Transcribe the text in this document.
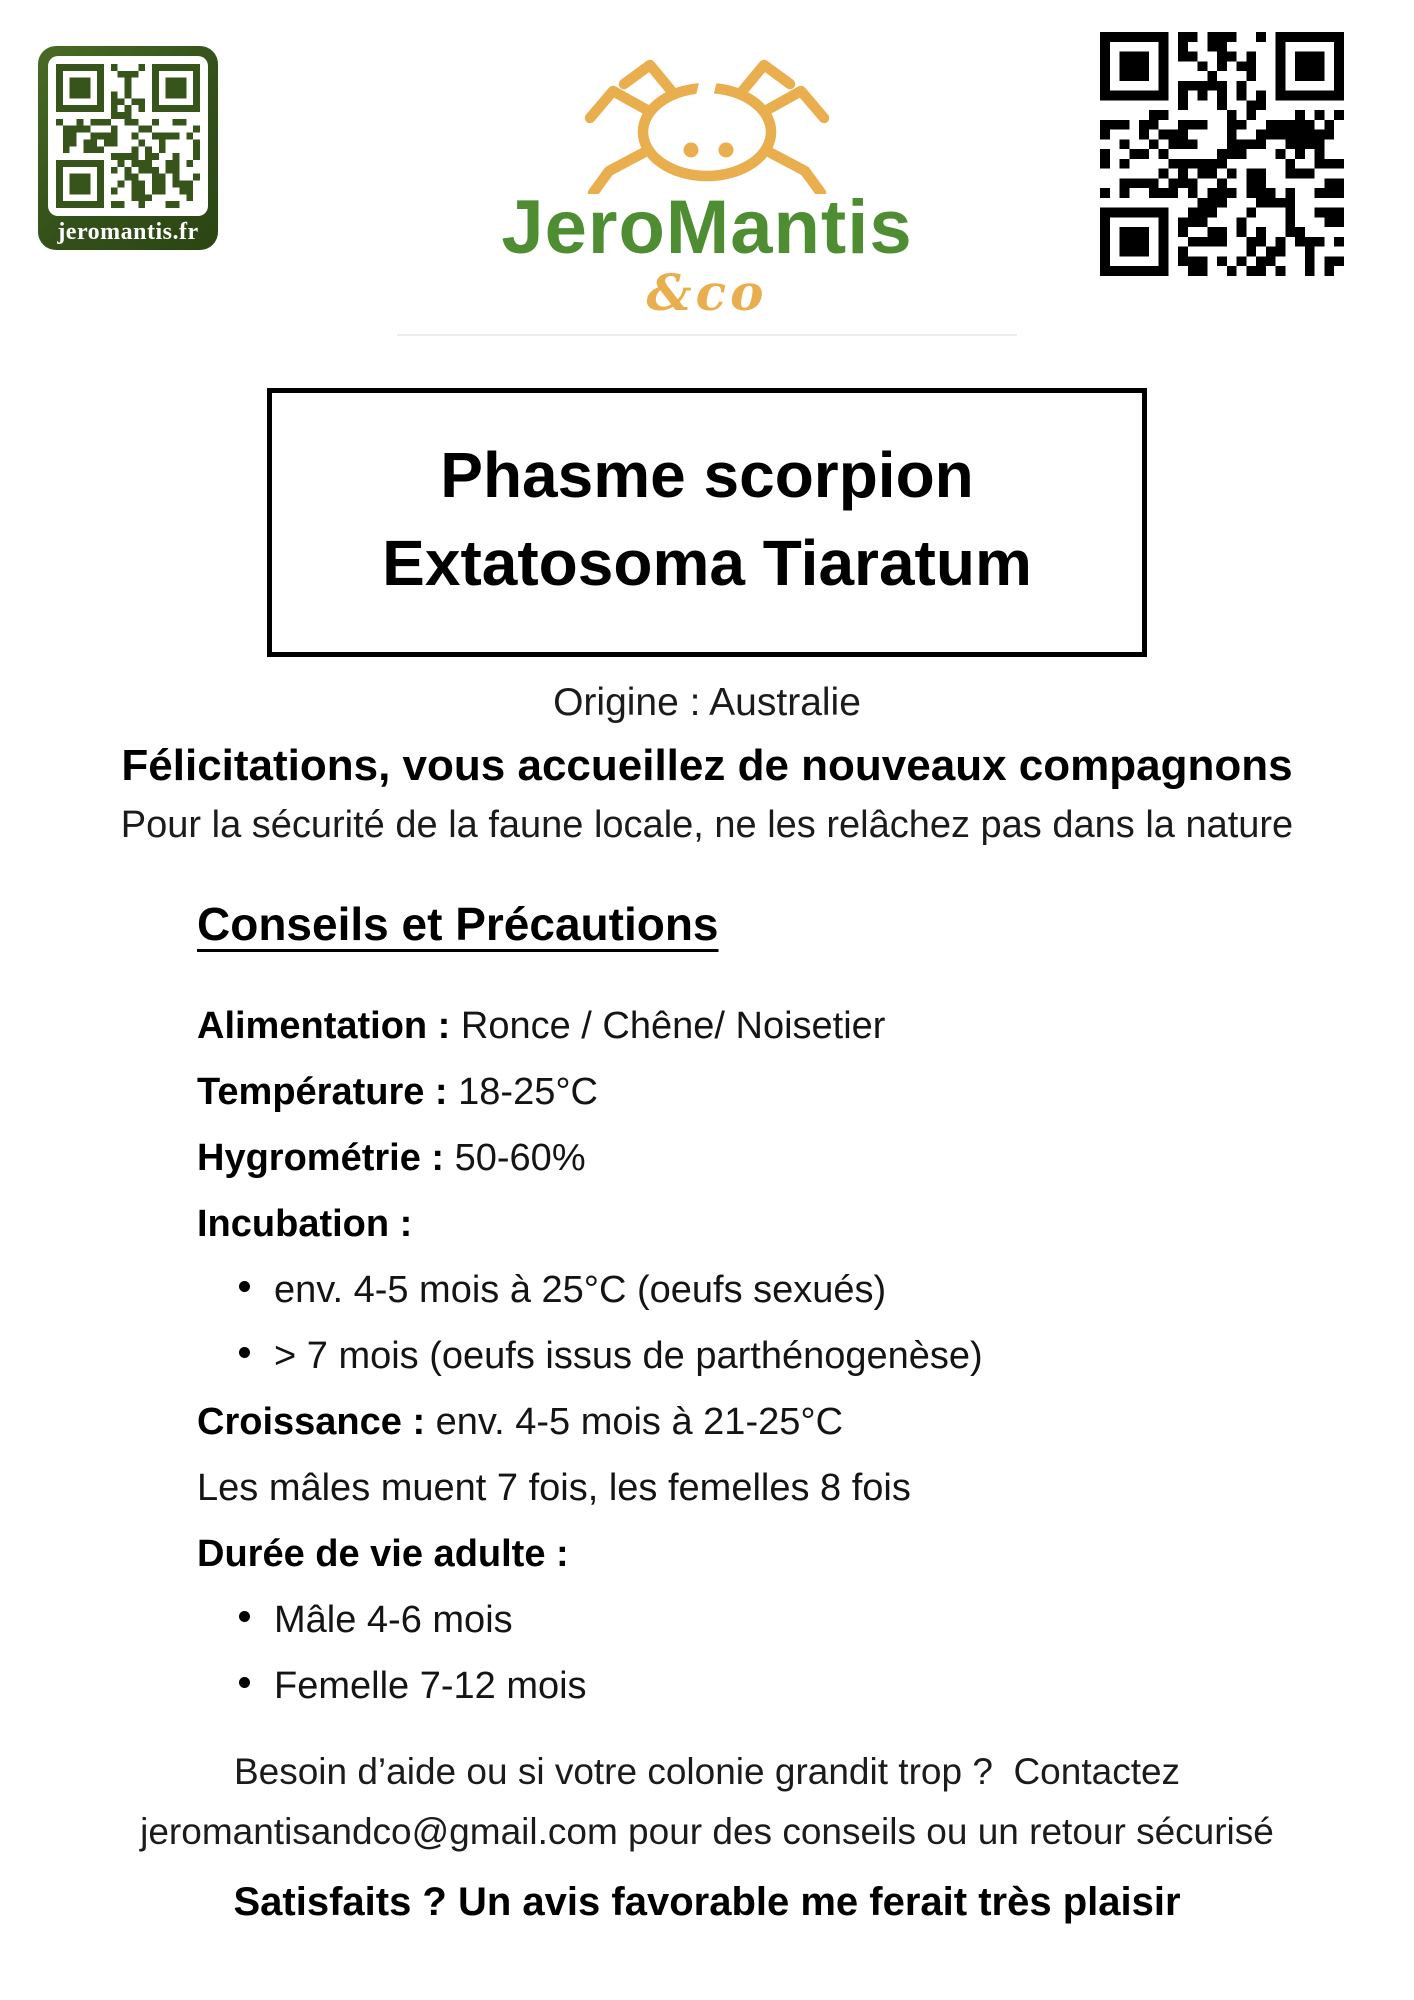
jeromantis.fr	JeroMantis
&co
Phasme scorpion
Extatosoma Tiaratum
Origine : Australie
Félicitations, vous accueillez de nouveaux compagnons
Pour la sécurité de la faune locale, ne les relâchez pas dans la nature
Conseils et Précautions

Alimentation : Ronce / Chêne/ Noisetier

Température : 18-25°C

Hygrométrie : 50-60%

Incubation :

env. 4-5 mois à 25°C (oeufs sexués)
> 7 mois (oeufs issus de parthénogenèse)

Croissance : env. 4-5 mois à 21-25°C

Les mâles muent 7 fois, les femelles 8 fois

Durée de vie adulte :

Mâle 4-6 mois
Femelle 7-12 mois

Besoin d’aide ou si votre colonie grandit trop ?  Contactez

jeromantisandco@gmail.com pour des conseils ou un retour sécurisé

Satisfaits ? Un avis favorable me ferait très plaisir
